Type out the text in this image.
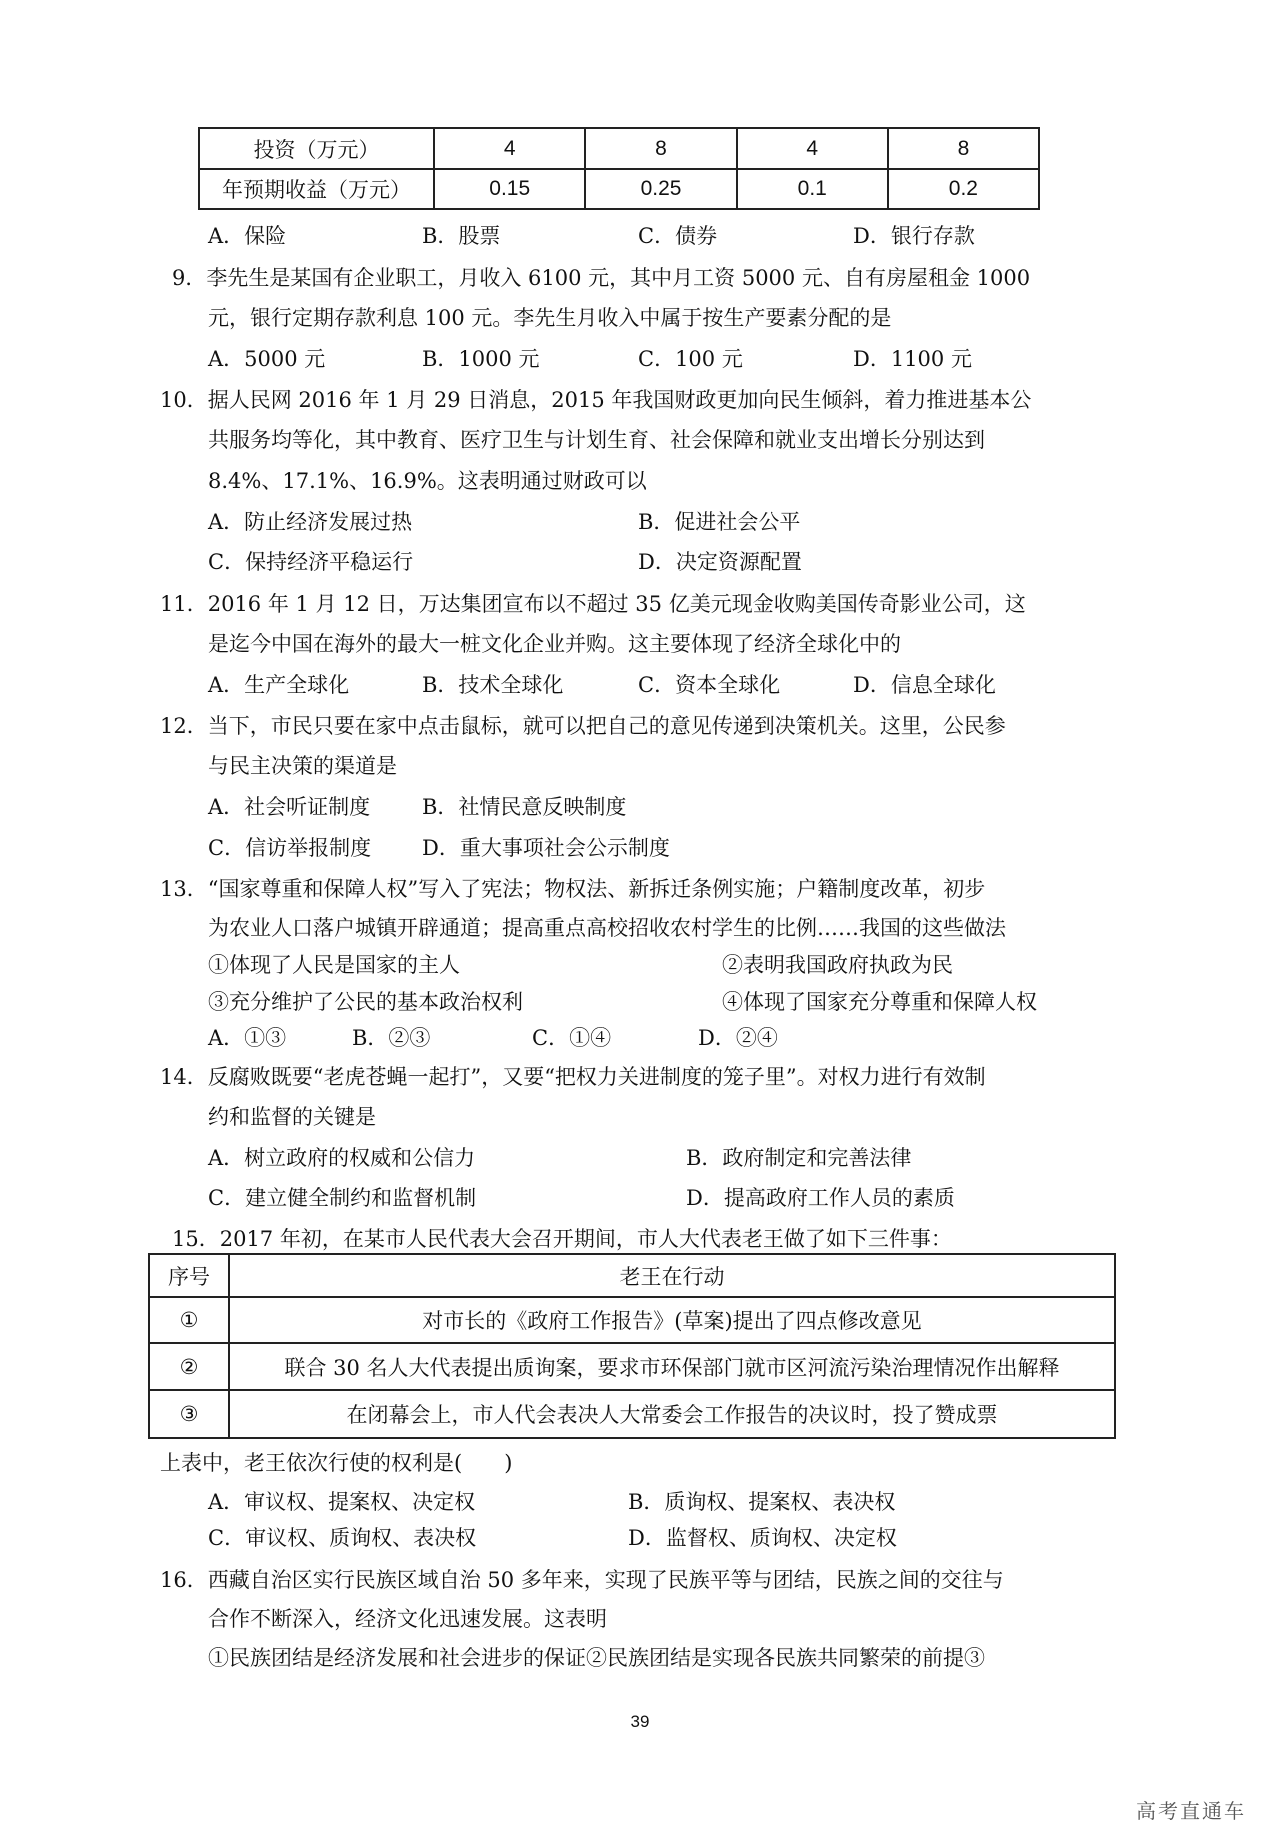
投资（万元）	4	8	4	8
年预期收益（万元）	0.15	0.25	0.1	0.2
A．保险	B．股票	C．债券	D．银行存款
9．李先生是某国有企业职工，月收入 6100 元，其中月工资 5000 元、自有房屋租金 1000
元，银行定期存款利息 100 元。李先生月收入中属于按生产要素分配的是
A．5000 元	B．1000 元	C．100 元	D．1100 元
10．据人民网 2016 年 1 月 29 日消息，2015 年我国财政更加向民生倾斜，着力推进基本公
共服务均等化，其中教育、医疗卫生与计划生育、社会保障和就业支出增长分别达到
8.4%、17.1%、16.9%。这表明通过财政可以
A．防止经济发展过热	B．促进社会公平
C．保持经济平稳运行	D．决定资源配置
11．2016 年 1 月 12 日，万达集团宣布以不超过 35 亿美元现金收购美国传奇影业公司，这
是迄今中国在海外的最大一桩文化企业并购。这主要体现了经济全球化中的
A．生产全球化	B．技术全球化	C．资本全球化	D．信息全球化
12．当下，市民只要在家中点击鼠标，就可以把自己的意见传递到决策机关。这里，公民参
与民主决策的渠道是
A．社会听证制度 B．社情民意反映制度
C．信访举报制度 D．重大事项社会公示制度
13．“国家尊重和保障人权”写入了宪法；物权法、新拆迁条例实施；户籍制度改革，初步
为农业人口落户城镇开辟通道；提高重点高校招收农村学生的比例……我国的这些做法
①体现了人民是国家的主人	②表明我国政府执政为民
③充分维护了公民的基本政治权利	④体现了国家充分尊重和保障人权
A．①③	B．②③	C．①④	D．②④
14．反腐败既要“老虎苍蝇一起打”，又要“把权力关进制度的笼子里”。对权力进行有效制
约和监督的关键是
A．树立政府的权威和公信力	B．政府制定和完善法律
C．建立健全制约和监督机制	D．提高政府工作人员的素质
15．2017 年初，在某市人民代表大会召开期间，市人大代表老王做了如下三件事：
序号	老王在行动
①	对市长的《政府工作报告》(草案)提出了四点修改意见
②	联合 30 名人大代表提出质询案，要求市环保部门就市区河流污染治理情况作出解释
③	在闭幕会上，市人代会表决人大常委会工作报告的决议时，投了赞成票
上表中，老王依次行使的权利是(　　)
A．审议权、提案权、决定权	B．质询权、提案权、表决权
C．审议权、质询权、表决权	D．监督权、质询权、决定权
16．西藏自治区实行民族区域自治 50 多年来，实现了民族平等与团结，民族之间的交往与
合作不断深入，经济文化迅速发展。这表明
①民族团结是经济发展和社会进步的保证②民族团结是实现各民族共同繁荣的前提③
39
高考直通车
